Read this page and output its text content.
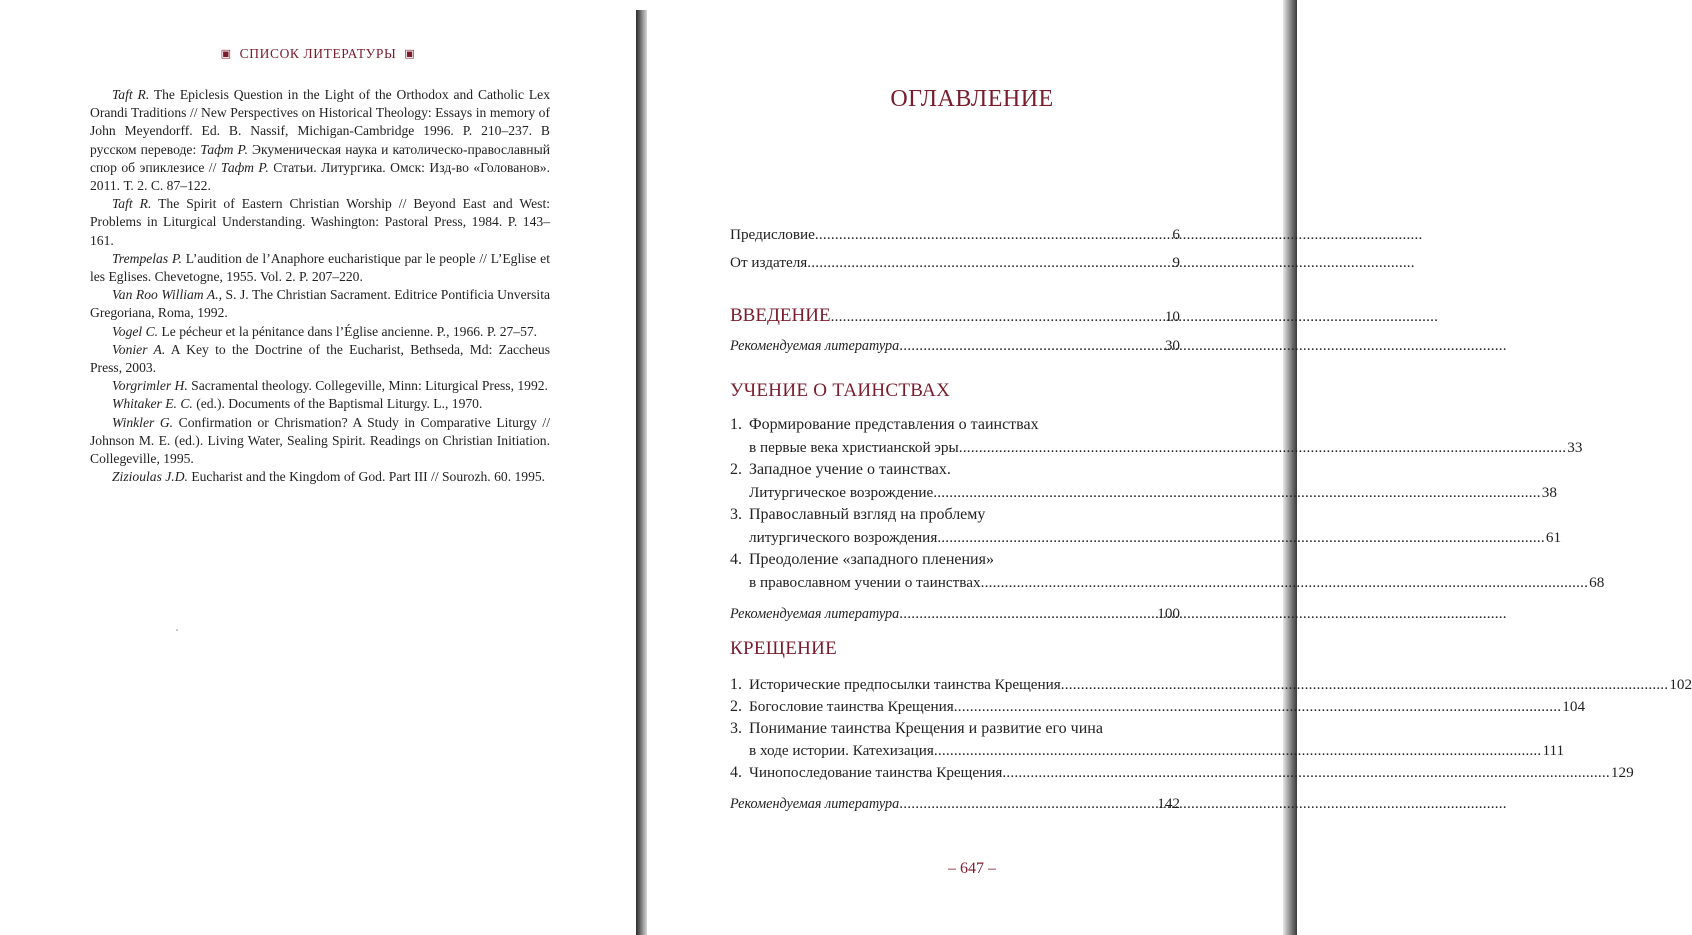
▣ СПИСОК ЛИТЕРАТУРЫ ▣

Taft R. The Epiclesis Question in the Light of the Orthodox and Catholic Lex Orandi Traditions // New Perspectives on Historical Theology: Essays in memory of John Meyendorff. Ed. B. Nassif, Michigan-Cambridge 1996. P. 210–237. В русском переводе: Тафт Р. Экуменическая наука и католическо-православный спор об эпиклезисе // Тафт Р. Статьи. Литургика. Омск: Изд-во «Голованов». 2011. Т. 2. С. 87–122.

Taft R. The Spirit of Eastern Christian Worship // Beyond East and West: Problems in Liturgical Understanding. Washington: Pastoral Press, 1984. P. 143–161.

Trempelas P. L’audition de l’Anaphore eucharistique par le people // L’Eglise et les Eglises. Chevetogne, 1955. Vol. 2. P. 207–220.

Van Roo William A., S. J. The Christian Sacrament. Editrice Pontificia Unversita Gregoriana, Roma, 1992.

Vogel C. Le pécheur et la pénitance dans l’Église ancienne. P., 1966. P. 27–57.

Vonier A. A Key to the Doctrine of the Eucharist, Bethseda, Md: Zaccheus Press, 2003.

Vorgrimler H. Sacramental theology. Collegeville, Minn: Liturgical Press, 1992.

Whitaker E. C. (ed.). Documents of the Baptismal Liturgy. L., 1970.

Winkler G. Confirmation or Chrismation? A Study in Comparative Liturgy // Johnson M. E. (ed.). Living Water, Sealing Spirit. Readings on Christian Initiation. Collegeville, 1995.

Zizioulas J.D. Eucharist and the Kingdom of God. Part III // Sourozh. 60. 1995.

ОГЛАВЛЕНИЕ
Предисловие .....	6
От издателя .....	9
ВВЕДЕНИЕ .....	10
Рекомендуемая литература .....	30
УЧЕНИЕ О ТАИНСТВАХ
1. Формирование представления о таинствах
в первые века христианской эры .....	33
2. Западное учение о таинствах.
Литургическое возрождение .....	38
3. Православный взгляд на проблему
литургического возрождения .....	61
4. Преодоление «западного пленения»
в православном учении о таинствах .....	68
Рекомендуемая литература .....	100
КРЕЩЕНИЕ
1. Исторические предпосылки таинства Крещения .....	102
2. Богословие таинства Крещения .....	104
3. Понимание таинства Крещения и развитие его чина
в ходе истории. Катехизация .....	111
4. Чинопоследование таинства Крещения .....	129
Рекомендуемая литература .....	142
– 647 –
